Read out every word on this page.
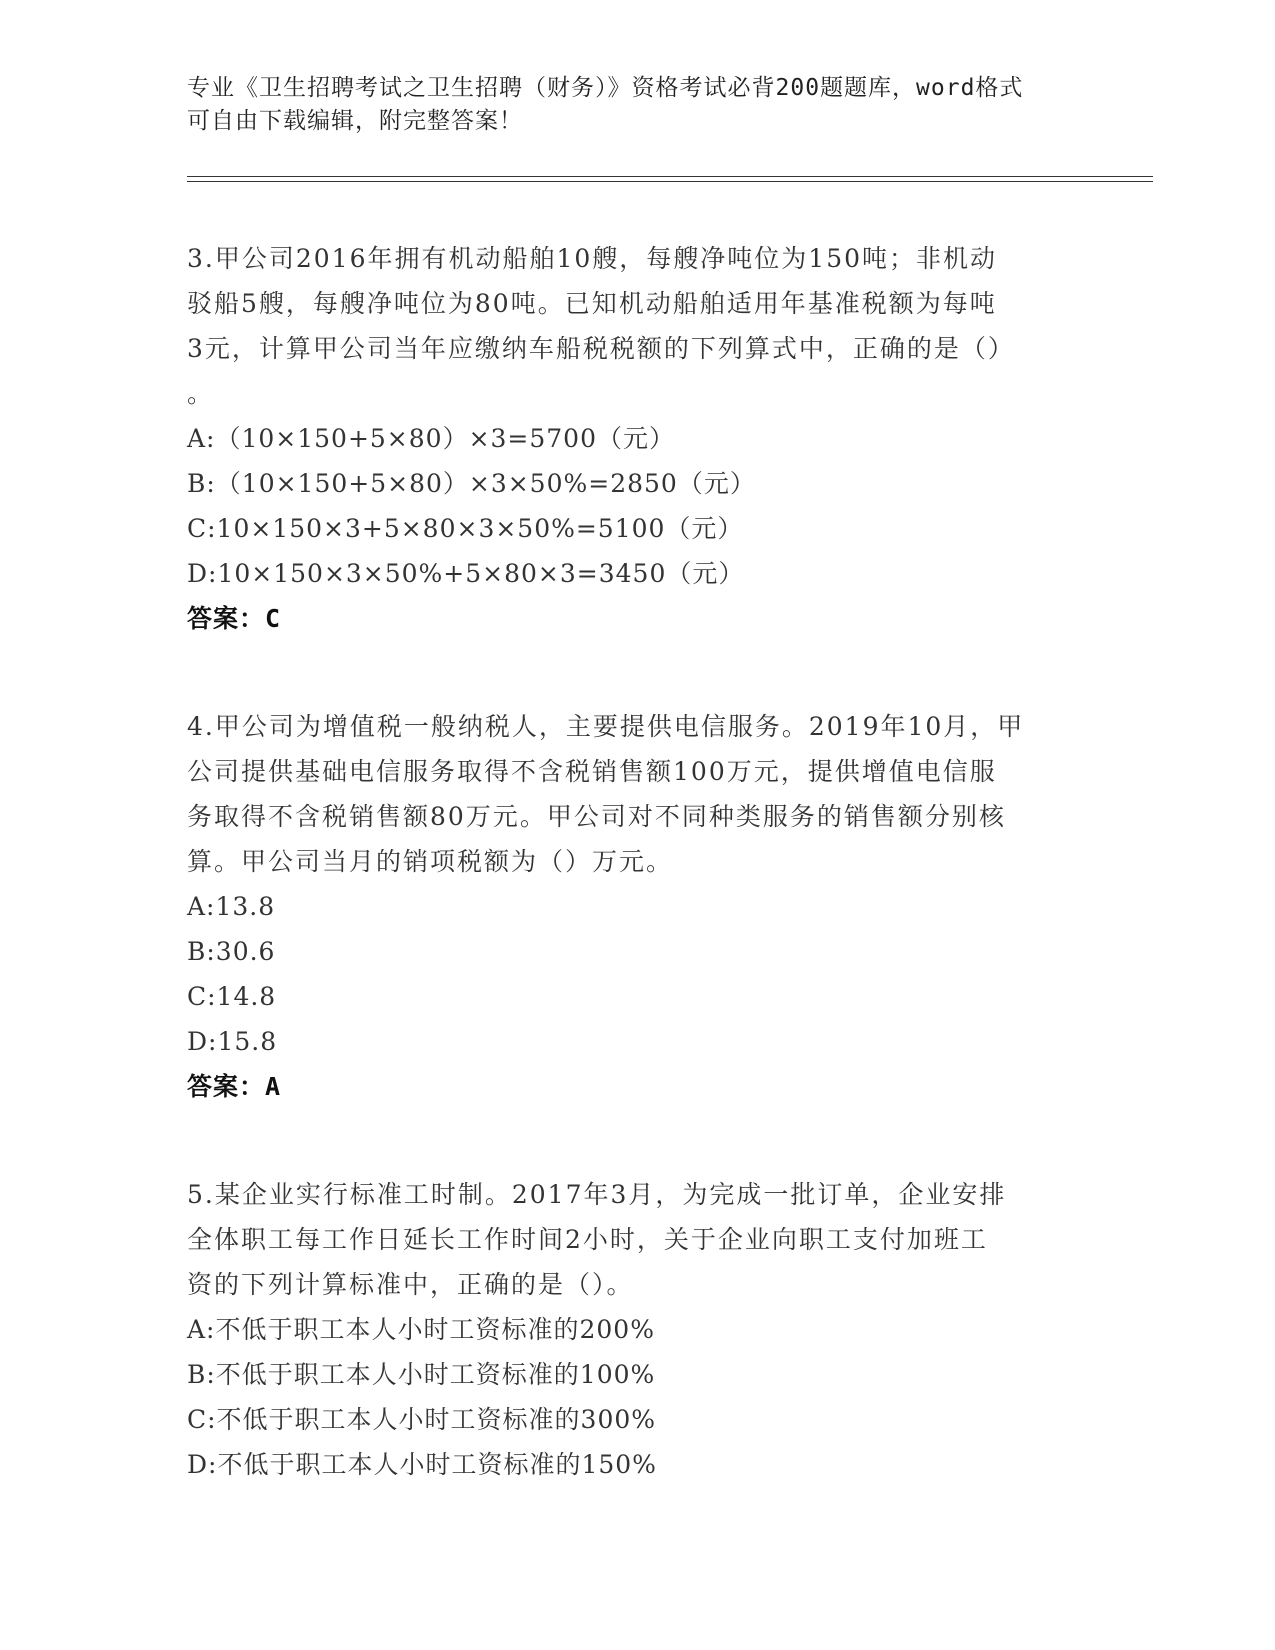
专业《卫生招聘考试之卫生招聘（财务）》资格考试必背200题题库，word格式
可自由下载编辑，附完整答案！
3.甲公司2016年拥有机动船舶10艘，每艘净吨位为150吨；非机动
驳船5艘，每艘净吨位为80吨。已知机动船舶适用年基准税额为每吨
3元，计算甲公司当年应缴纳车船税税额的下列算式中，正确的是（）
。
A:（10×150+5×80）×3=5700（元）
B:（10×150+5×80）×3×50%=2850（元）
C:10×150×3+5×80×3×50%=5100（元）
D:10×150×3×50%+5×80×3=3450（元）
答案：C
4.甲公司为增值税一般纳税人，主要提供电信服务。2019年10月，甲
公司提供基础电信服务取得不含税销售额100万元，提供增值电信服
务取得不含税销售额80万元。甲公司对不同种类服务的销售额分别核
算。甲公司当月的销项税额为（）万元。
A:13.8
B:30.6
C:14.8
D:15.8
答案：A
5.某企业实行标准工时制。2017年3月，为完成一批订单，企业安排
全体职工每工作日延长工作时间2小时，关于企业向职工支付加班工
资的下列计算标准中，正确的是（）。
A:不低于职工本人小时工资标准的200%
B:不低于职工本人小时工资标准的100%
C:不低于职工本人小时工资标准的300%
D:不低于职工本人小时工资标准的150%
